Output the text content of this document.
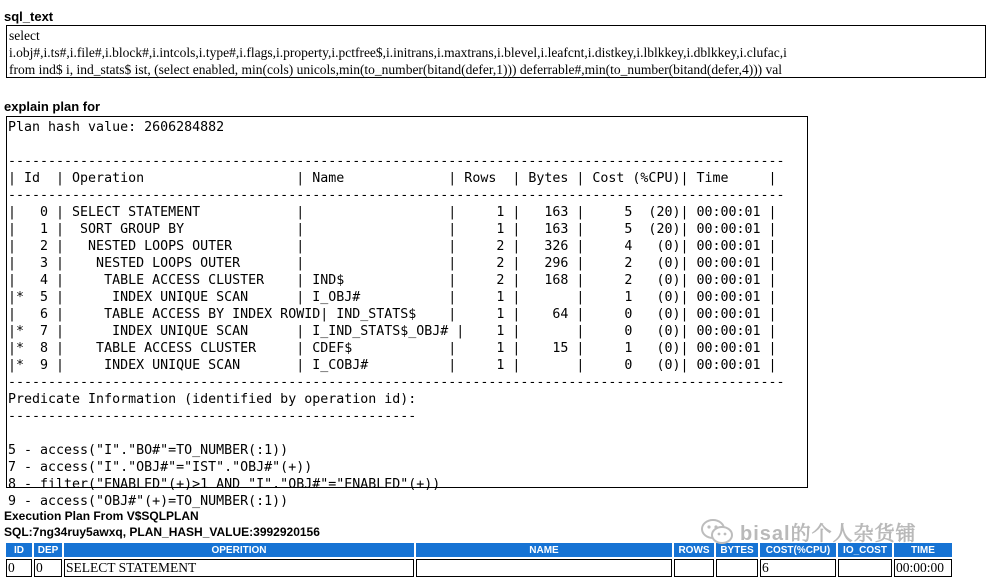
sql_text
select
i.obj#,i.ts#,i.file#,i.block#,i.intcols,i.type#,i.flags,i.property,i.pctfree$,i.initrans,i.maxtrans,i.blevel,i.leafcnt,i.distkey,i.lblkkey,i.dblkkey,i.clufac,i
from ind$ i, ind_stats$ ist, (select enabled, min(cols) unicols,min(to_number(bitand(defer,1))) deferrable#,min(to_number(bitand(defer,4))) val
explain plan for
Plan hash value: 2606284882

-------------------------------------------------------------------------------------------------
| Id  | Operation                   | Name             | Rows  | Bytes | Cost (%CPU)| Time     |
-------------------------------------------------------------------------------------------------
|   0 | SELECT STATEMENT            |                  |     1 |   163 |     5  (20)| 00:00:01 |
|   1 |  SORT GROUP BY              |                  |     1 |   163 |     5  (20)| 00:00:01 |
|   2 |   NESTED LOOPS OUTER        |                  |     2 |   326 |     4   (0)| 00:00:01 |
|   3 |    NESTED LOOPS OUTER       |                  |     2 |   296 |     2   (0)| 00:00:01 |
|   4 |     TABLE ACCESS CLUSTER    | IND$             |     2 |   168 |     2   (0)| 00:00:01 |
|*  5 |      INDEX UNIQUE SCAN      | I_OBJ#           |     1 |       |     1   (0)| 00:00:01 |
|   6 |     TABLE ACCESS BY INDEX ROWID| IND_STATS$    |     1 |    64 |     0   (0)| 00:00:01 |
|*  7 |      INDEX UNIQUE SCAN      | I_IND_STATS$_OBJ# |    1 |       |     0   (0)| 00:00:01 |
|*  8 |    TABLE ACCESS CLUSTER     | CDEF$            |     1 |    15 |     1   (0)| 00:00:01 |
|*  9 |     INDEX UNIQUE SCAN       | I_COBJ#          |     1 |       |     0   (0)| 00:00:01 |
-------------------------------------------------------------------------------------------------
Predicate Information (identified by operation id):
---------------------------------------------------

5 - access("I"."BO#"=TO_NUMBER(:1))
7 - access("I"."OBJ#"="IST"."OBJ#"(+))
8 - filter("ENABLED"(+)>1 AND "I"."OBJ#"="ENABLED"(+))
9 - access("OBJ#"(+)=TO_NUMBER(:1))
Execution Plan From V$SQLPLAN
SQL:7ng34ruy5awxq, PLAN_HASH_VALUE:3992920156
ID	DEP	OPERITION	NAME	ROWS	BYTES	COST(%CPU)	IO_COST	TIME
0	0	SELECT STATEMENT				6		00:00:00
bisal的个人杂货铺
